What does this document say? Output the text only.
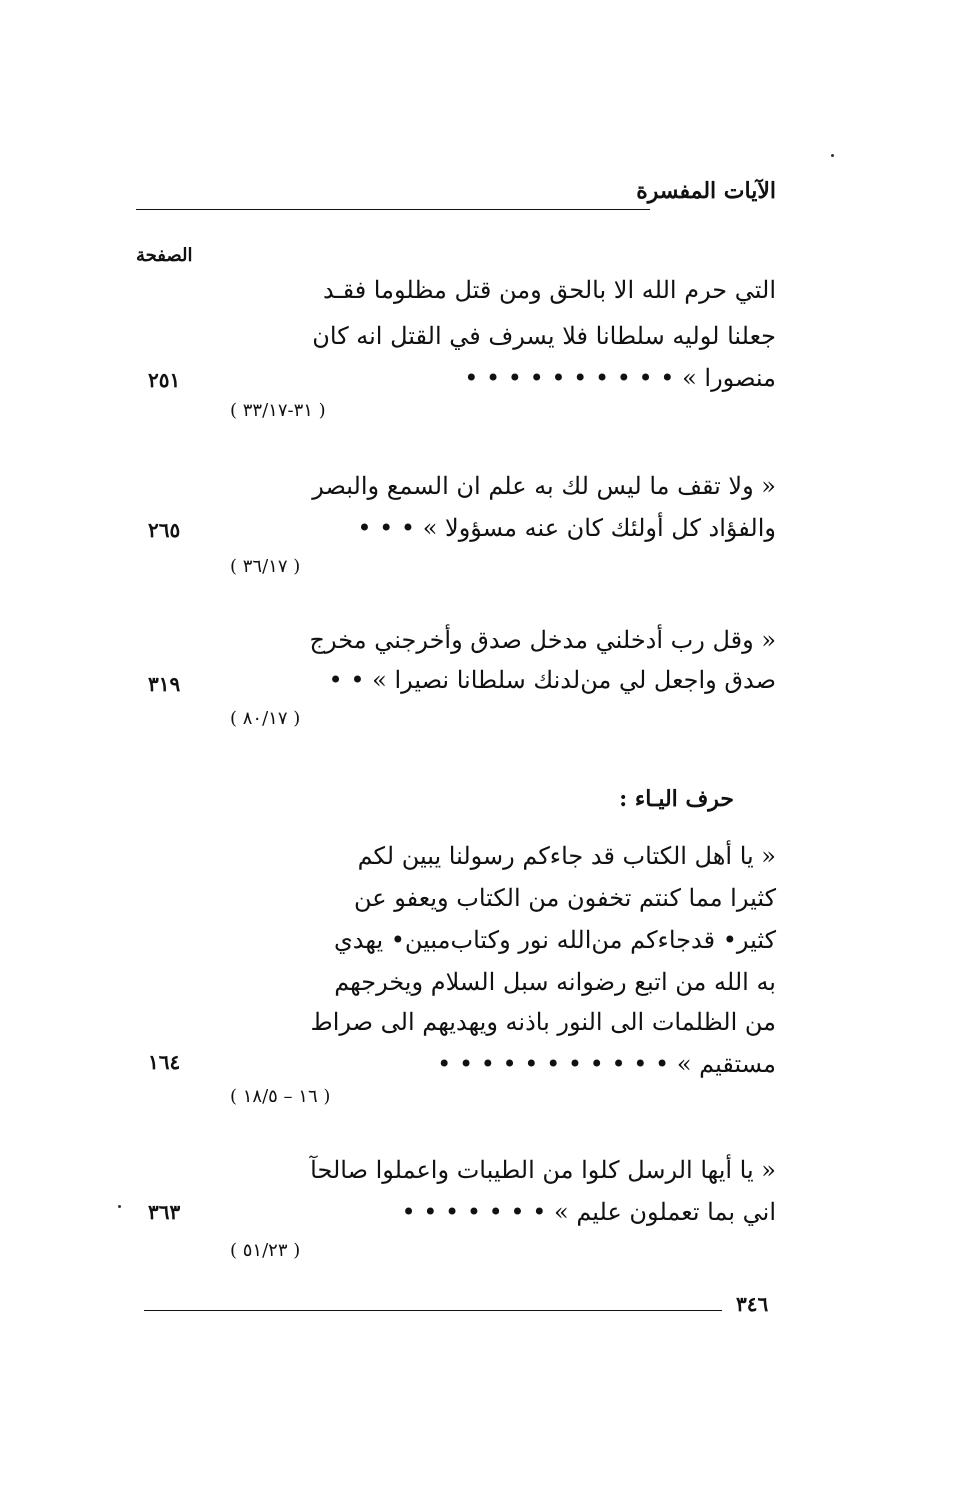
الآيات المفسرة
الصفحة
التي حرم الله الا بالحق ومن قتل مظلوما فقـد
جعلنا لوليه سلطانا فلا يسرف في القتل انه كان
منصورا » • • • • • • • • • •
٢٥١
( ٣١-٣٣/١٧ )
« ولا تقف ما ليس لك به علم ان السمع والبصر
والفؤاد كل أولئك كان عنه مسؤولا » • • •
٢٦٥
( ٣٦/١٧ )
« وقل رب أدخلني مدخل صدق وأخرجني مخرج
صدق واجعل لي من‌لدنك سلطانا نصيرا » • •
٣١٩
( ٨٠/١٧ )
حرف اليـاء :
« يا أهل الكتاب قد جاءكم رسولنا يبين لكم
كثيرا مما كنتم تخفون من الكتاب ويعفو عن
كثير• قدجاءكم من‌الله نور وكتاب‌مبين• يهدي
به الله من اتبع رضوانه سبل السلام ويخرجهم
من الظلمات الى النور باذنه ويهديهم الى صراط
مستقيم » • • • • • • • • • • •
١٦٤
( ١٦ – ١٨/٥ )
« يا أيها الرسل كلوا من الطيبات واعملوا صالحآ
اني بما تعملون عليم » • • • • • • •
٣٦٣
( ٥١/٢٣ )
٣٤٦
